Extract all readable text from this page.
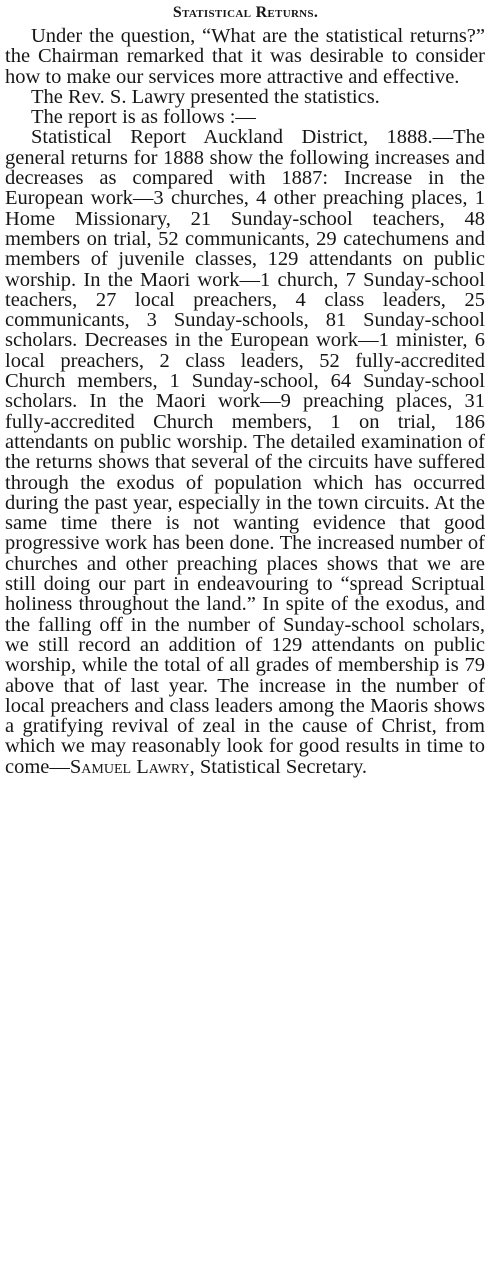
Statistical Returns.

Under the question, “What are the statistical returns?” the Chairman remarked that it was desirable to consider how to make our services more attractive and effective.

The Rev. S. Lawry presented the statistics.

The report is as follows :—

Statistical Report Auckland District, 1888.—The general returns for 1888 show the following increases and decreases as compared with 1887: Increase in the European work—3 churches, 4 other preaching places, 1 Home Missionary, 21 Sunday-school teachers, 48 members on trial, 52 communicants, 29 catechumens and members of juvenile classes, 129 attendants on public worship. In the Maori work—1 church, 7 Sunday-school teachers, 27 local preachers, 4 class leaders, 25 communicants, 3 Sunday-schools, 81 Sunday-school scholars. Decreases in the European work—1 minister, 6 local preachers, 2 class leaders, 52 fully-accredited Church members, 1 Sunday-school, 64 Sunday-school scholars. In the Maori work—9 preaching places, 31 fully-accredited Church members, 1 on trial, 186 attendants on public worship. The detailed examination of the returns shows that several of the circuits have suffered through the exodus of population which has occurred during the past year, especially in the town circuits. At the same time there is not wanting evidence that good progressive work has been done. The increased number of churches and other preaching places shows that we are still doing our part in endeavouring to “spread Scriptual holiness throughout the land.” In spite of the exodus, and the falling off in the number of Sunday-school scholars, we still record an addition of 129 attendants on public worship, while the total of all grades of membership is 79 above that of last year. The increase in the number of local preachers and class leaders among the Maoris shows a gratifying revival of zeal in the cause of Christ, from which we may reasonably look for good results in time to come—Samuel Lawry, Statistical Secretary.
